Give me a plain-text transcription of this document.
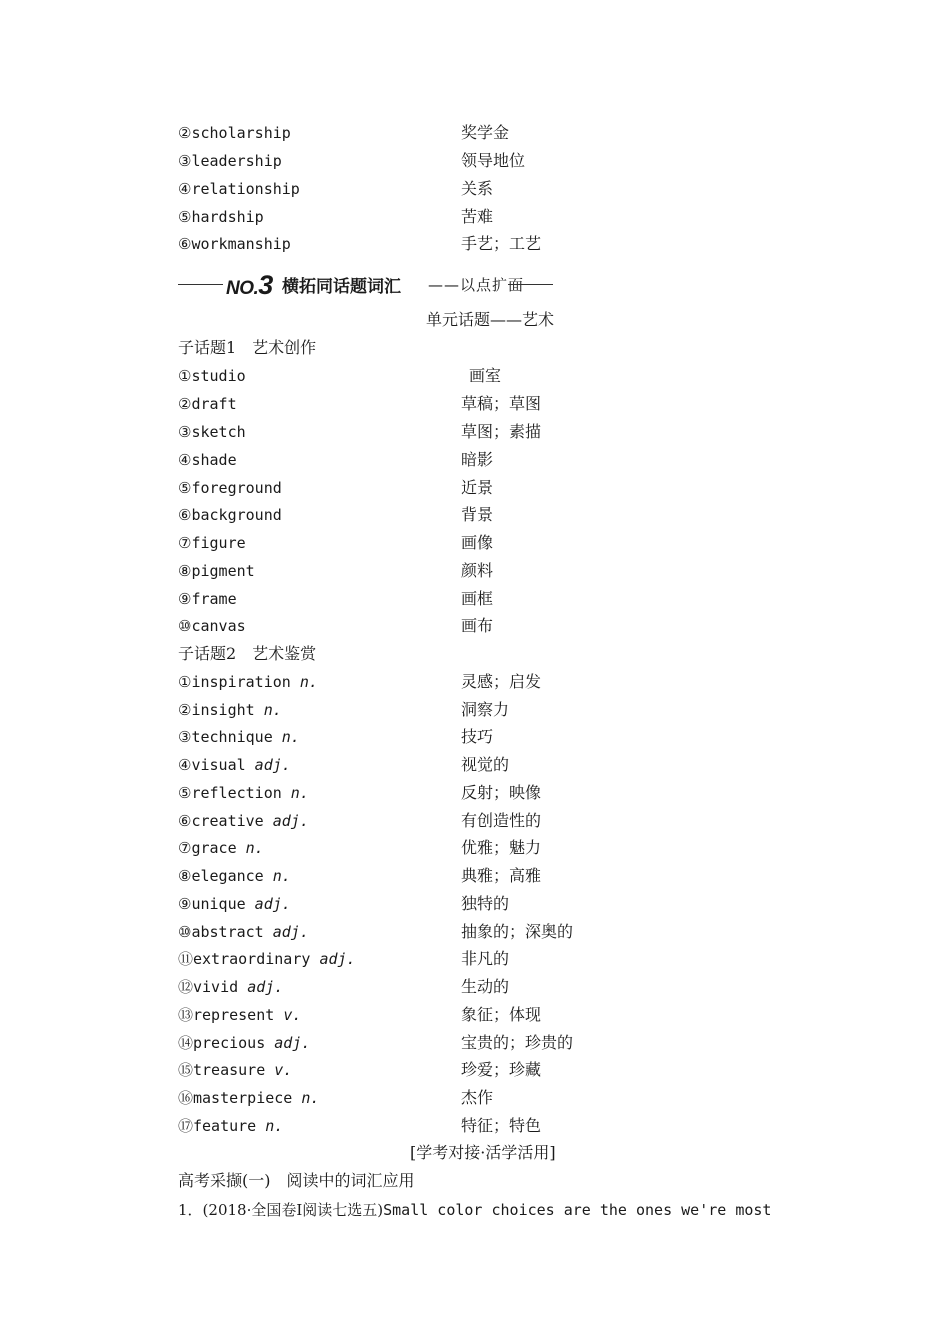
②scholarship	奖学金
③leadership	领导地位
④relationship	关系
⑤hardship	苦难
⑥workmanship	手艺；工艺
NO.3 横拓同话题词汇 ——以点扩面
单元话题——艺术
子话题1　艺术创作
①studio	画室
②draft	草稿；草图
③sketch	草图；素描
④shade	暗影
⑤foreground	近景
⑥background	背景
⑦figure	画像
⑧pigment	颜料
⑨frame	画框
⑩canvas	画布
子话题2　艺术鉴赏
①inspiration n.	灵感；启发
②insight n.	洞察力
③technique n.	技巧
④visual adj.	视觉的
⑤reflection n.	反射；映像
⑥creative adj.	有创造性的
⑦grace n.	优雅；魅力
⑧elegance n.	典雅；高雅
⑨unique adj.	独特的
⑩abstract adj.	抽象的；深奥的
⑪extraordinary adj.	非凡的
⑫vivid adj.	生动的
⑬represent v.	象征；体现
⑭precious adj.	宝贵的；珍贵的
⑮treasure v.	珍爱；珍藏
⑯masterpiece n.	杰作
⑰feature n.	特征；特色
[学考对接·活学活用]
高考采撷(一)　阅读中的词汇应用
1．(2018·全国卷Ⅰ阅读七选五)Small color choices are the ones we're most
